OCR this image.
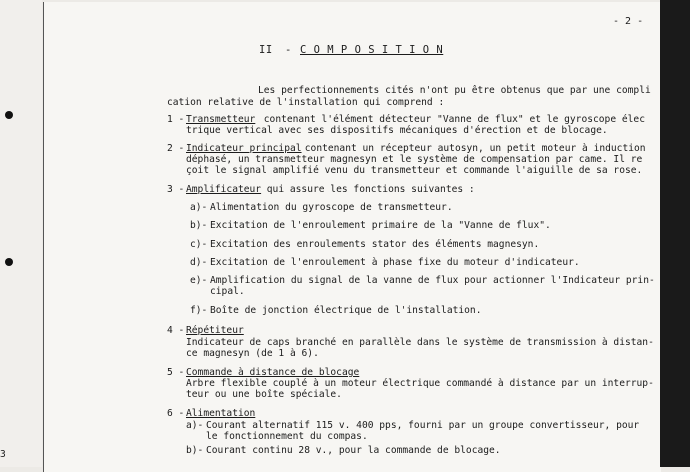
3
- 2 -
II - C O M P O S I T I O N
Les perfectionnements cités n'ont pu être obtenus que par une compli
cation relative de l'installation qui comprend :
1 - Transmetteur contenant l'élément détecteur "Vanne de flux" et le gyroscope élec
trique vertical avec ses dispositifs mécaniques d'érection et de blocage.
2 - Indicateur principal
contenant un récepteur autosyn, un petit moteur à induction
déphasé, un transmetteur magnesyn et le système de compensation par came. Il re
çoit le signal amplifié venu du transmetteur et commande l'aiguille de sa rose.
3 - Amplificateur qui assure les fonctions suivantes :
a)- Alimentation du gyroscope de transmetteur.
b)- Excitation de l'enroulement primaire de la "Vanne de flux".
c)- Excitation des enroulements stator des éléments magnesyn.
d)- Excitation de l'enroulement à phase fixe du moteur d'indicateur.
e)- Amplification du signal de la vanne de flux pour actionner l'Indicateur prin-
cipal.
f)- Boîte de jonction électrique de l'installation.
4 - Répétiteur
Indicateur de caps branché en parallèle dans le système de transmission à distan-
ce magnesyn (de 1 à 6).
5 - Commande à distance de blocage
Arbre flexible couplé à un moteur électrique commandé à distance par un interrup-
teur ou une boîte spéciale.
6 - Alimentation
a)- Courant alternatif 115 v. 400 pps, fourni par un groupe convertisseur, pour
le fonctionnement du compas.
b)- Courant continu 28 v., pour la commande de blocage.
